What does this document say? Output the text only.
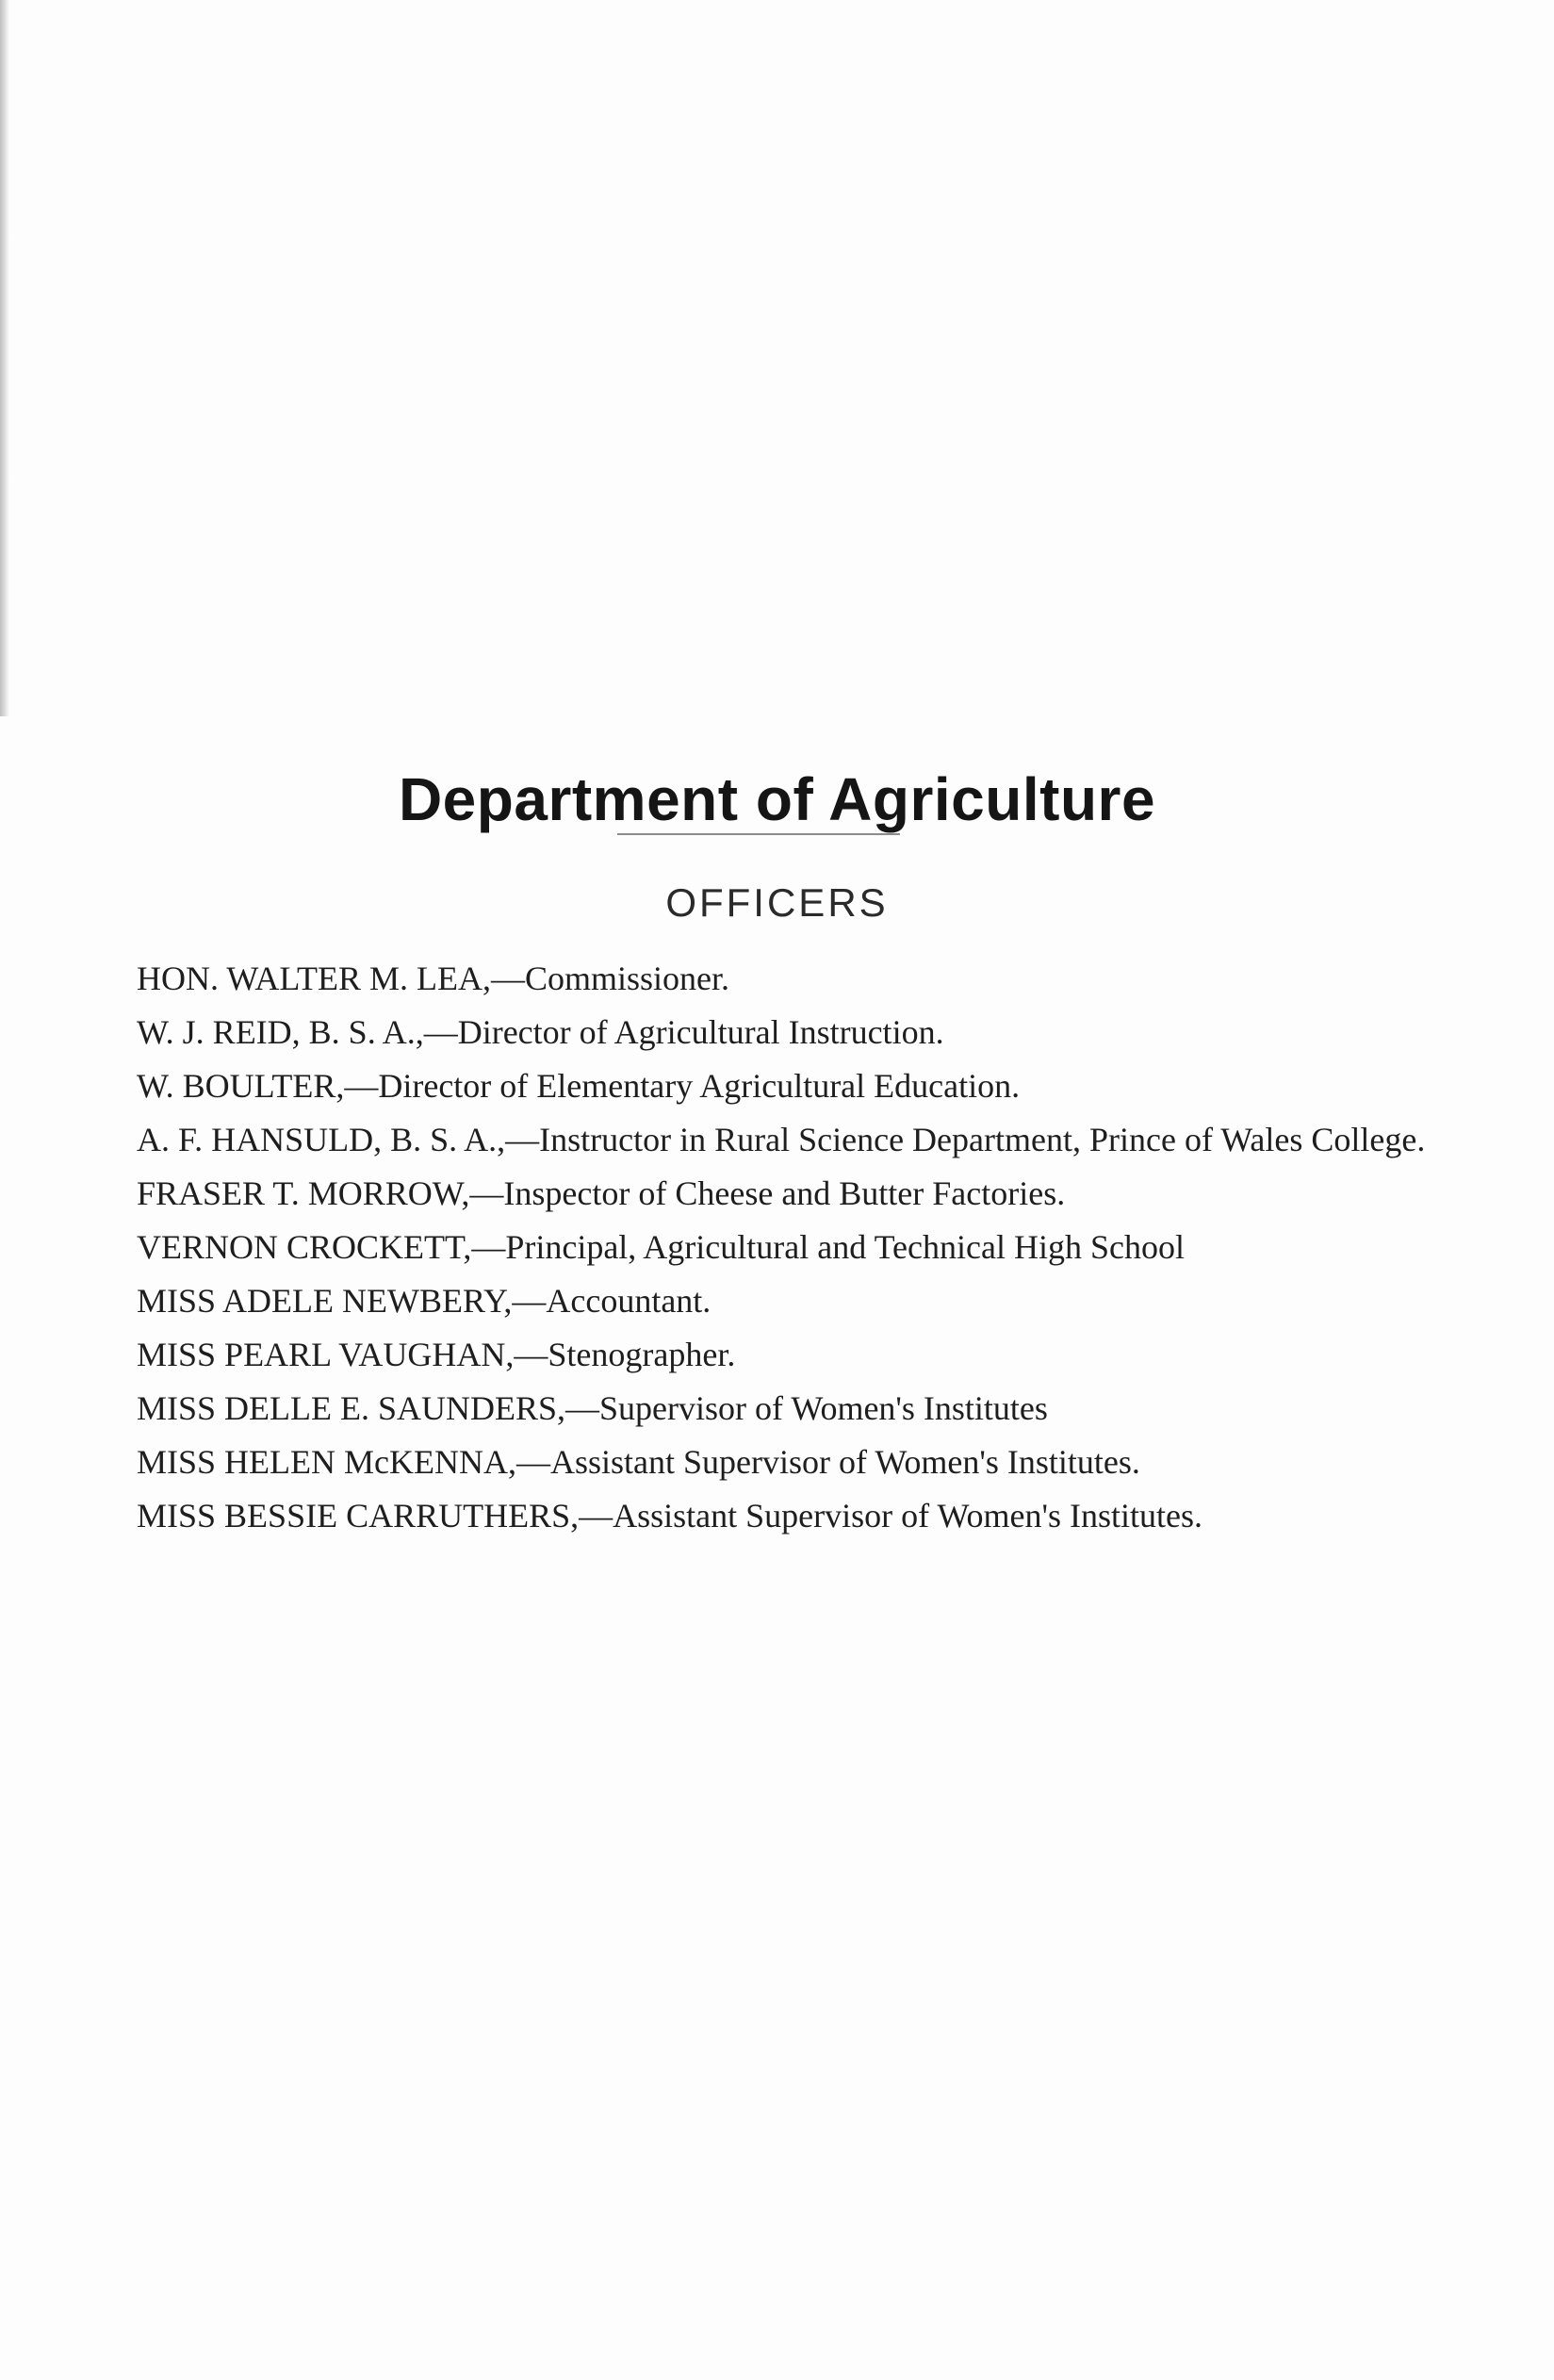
Department of Agriculture
OFFICERS
HON. WALTER M. LEA,—Commissioner.
W. J. REID, B. S. A.,—Director of Agricultural Instruction.
W. BOULTER,—Director of Elementary Agricultural Education.
A. F. HANSULD, B. S. A.,—Instructor in Rural Science Department, Prince of Wales College.
FRASER T. MORROW,—Inspector of Cheese and Butter Factories.
VERNON CROCKETT,—Principal, Agricultural and Technical High School
MISS ADELE NEWBERY,—Accountant.
MISS PEARL VAUGHAN,—Stenographer.
MISS DELLE E. SAUNDERS,—Supervisor of Women's Institutes
MISS HELEN McKENNA,—Assistant Supervisor of Women's Institutes.
MISS BESSIE CARRUTHERS,—Assistant Supervisor of Women's Institutes.
